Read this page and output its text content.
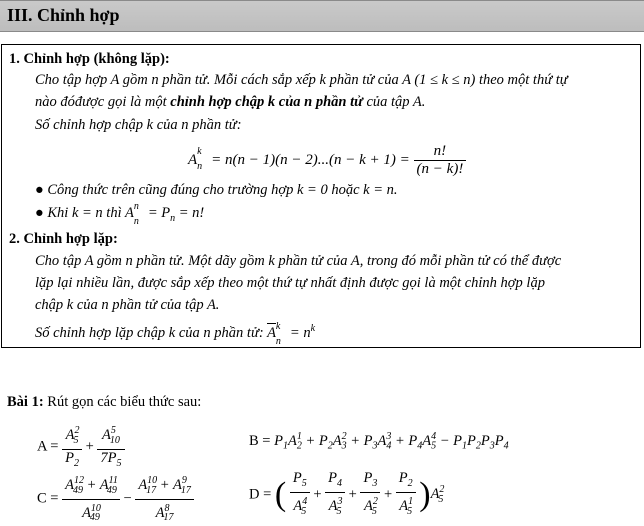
III. Chỉnh hợp
1. Chỉnh hợp (không lặp):
Cho tập hợp A gồm n phần tử. Mỗi cách sắp xếp k phần tử của A (1 ≤ k ≤ n) theo một thứ tự
nào đóđược gọi là một chỉnh hợp chập k của n phần tử của tập A.
Số chỉnh hợp chập k của n phần tử:
A
k
$n = n(n - 1)(n - 2)...(n - k + 1) = \frac{n!}{(n - k)!}$
● Công thức trên cũng đúng cho trường hợp k = 0 hoặc k = n.
● Khi k = n thì A n
n
= $P_n = n$!
2. Chỉnh hợp lặp:
Cho tập A gồm n phần tử. Một dãy gồm k phần tử của A, trong đó mỗi phần tử có thể được
lặp lại nhiều lần, được sắp xếp theo một thứ tự nhất định được gọi là một chỉnh hợp lặp
chập k của n phần tử của tập A.
Số chỉnh hợp lặp chập k của n phần tử: A k
n
= $n^k$
Bài 1: Rút gọn các biểu thức sau:
$A = \frac{A^2_5}{P_2} + \frac{A^5_{10}}{7P_5}$	$B = P_1A_2^1 + P_2A_3^2 + P_3A_4^3 + P_4A_5^4 - P_1P_2P_3P_4$
$C = \frac{A^{12}_{49} + A^{11}_{49}}{A^{10}_{49}} - \frac{A^{10}_{17} + A^9_{17}}{A^8_{17}}$	D = ( $\frac{P_5}{A^4_5} + \frac{P_4}{A^3_5} + \frac{P_3}{A^2_5} + \frac{P_2}{A^1_5} )A^2_5$
